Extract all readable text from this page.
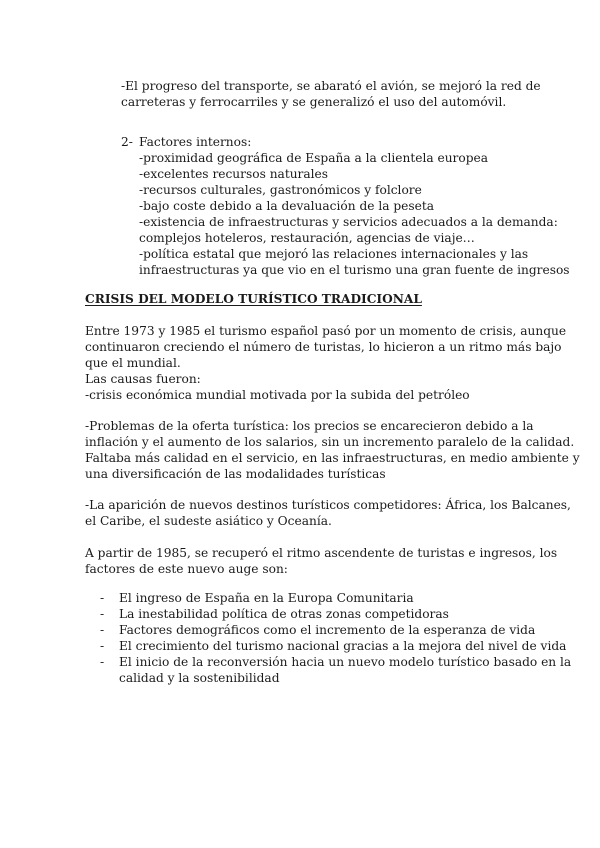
-El progreso del transporte, se abarató el avión, se mejoró la red de
carreteras y ferrocarriles y se generalizó el uso del automóvil.

2- Factores internos:
-proximidad geográfica de España a la clientela europea
-excelentes recursos naturales
-recursos culturales, gastronómicos y folclore
-bajo coste debido a la devaluación de la peseta
-existencia de infraestructuras y servicios adecuados a la demanda:
complejos hoteleros, restauración, agencias de viaje…
-política estatal que mejoró las relaciones internacionales y las
infraestructuras ya que vio en el turismo una gran fuente de ingresos

CRISIS DEL MODELO TURÍSTICO TRADICIONAL

Entre 1973 y 1985 el turismo español pasó por un momento de crisis, aunque
continuaron creciendo el número de turistas, lo hicieron a un ritmo más bajo
que el mundial.
Las causas fueron:
-crisis económica mundial motivada por la subida del petróleo

-Problemas de la oferta turística: los precios se encarecieron debido a la
inflación y el aumento de los salarios, sin un incremento paralelo de la calidad.
Faltaba más calidad en el servicio, en las infraestructuras, en medio ambiente y
una diversificación de las modalidades turísticas

-La aparición de nuevos destinos turísticos competidores: África, los Balcanes,
el Caribe, el sudeste asiático y Oceanía.

A partir de 1985, se recuperó el ritmo ascendente de turistas e ingresos, los
factores de este nuevo auge son:

- El ingreso de España en la Europa Comunitaria
- La inestabilidad política de otras zonas competidoras
- Factores demográficos como el incremento de la esperanza de vida
- El crecimiento del turismo nacional gracias a la mejora del nivel de vida
- El inicio de la reconversión hacia un nuevo modelo turístico basado en la
calidad y la sostenibilidad
